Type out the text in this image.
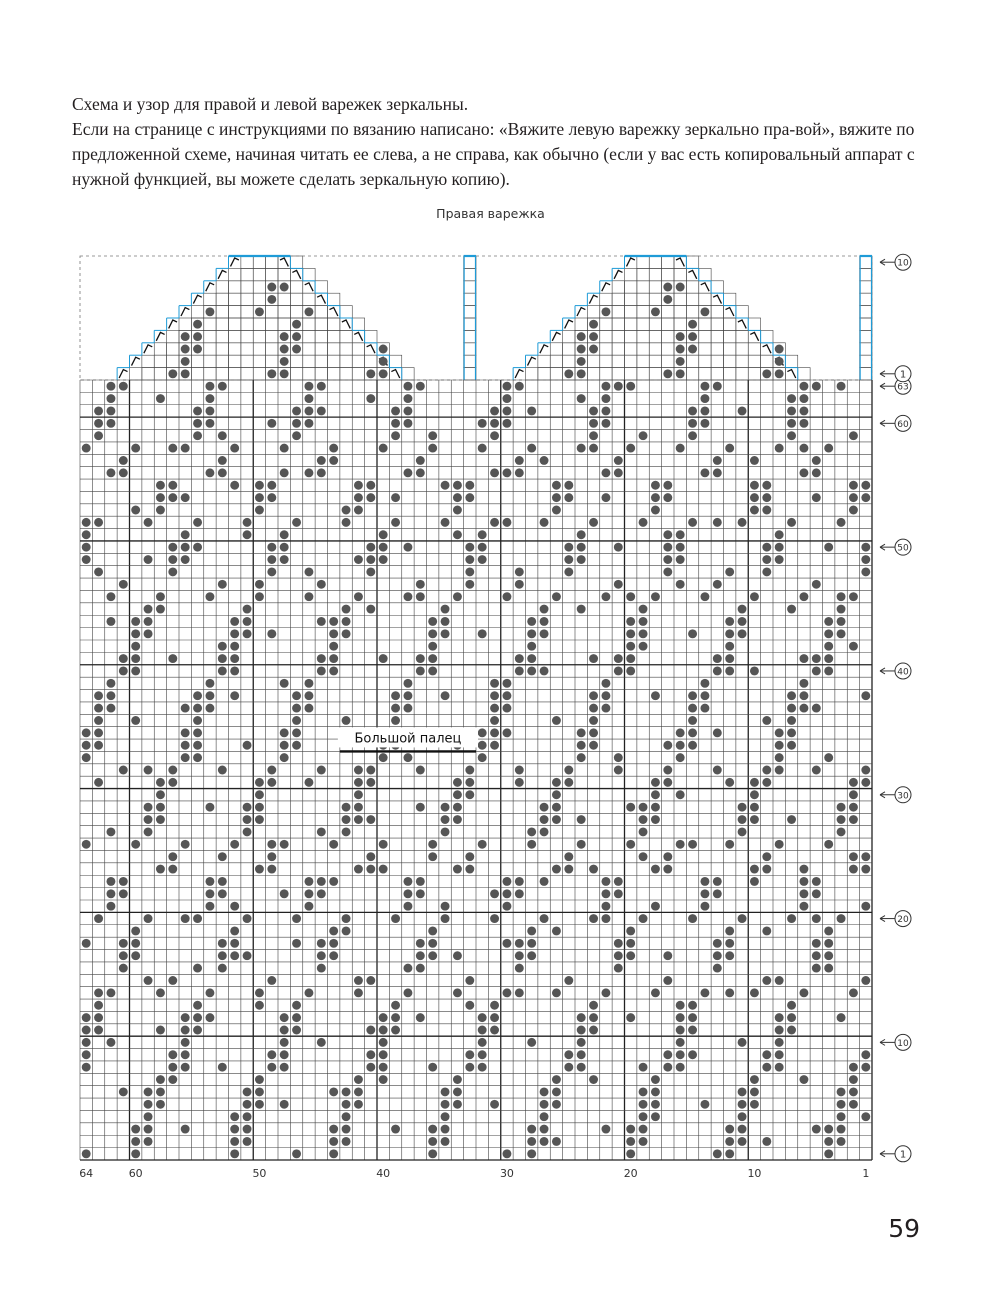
Схема и узор для правой и левой варежек зеркальны.

Если на странице с инструкциями по вязанию написано: «Вяжите левую варежку зеркально пра-вой», вяжите по предложенной схеме, начиная читать ее слева, а не справа, как обычно (если у вас есть копировальный аппарат с нужной функцией, вы можете сделать зеркальную копию).

Правая варежка
Большой палец
64	60	50	40	30	20	10	1
1
10
20
30
40
50
60
63
1
10
59
